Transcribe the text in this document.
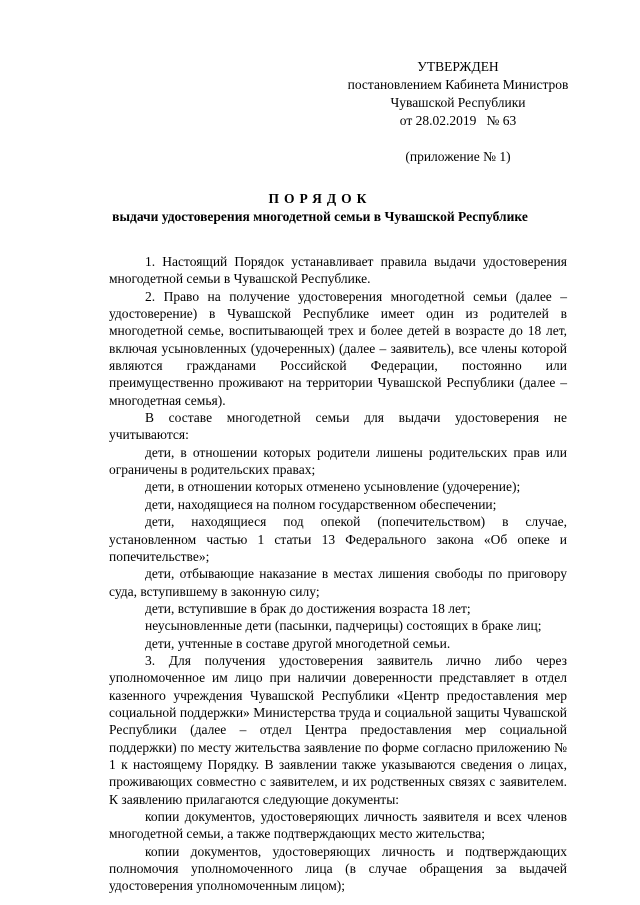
УТВЕРЖДЕН
постановлением Кабинета Министров
Чувашской Республики
от 28.02.2019   № 63
(приложение № 1)
ПОРЯДОК
выдачи удостоверения многодетной семьи в Чувашской Республике

1. Настоящий Порядок устанавливает правила выдачи удостоверения многодетной семьи в Чувашской Республике.

2. Право на получение удостоверения многодетной семьи (далее – удостоверение) в Чувашской Республике имеет один из родителей в многодетной семье, воспитывающей трех и более детей в возрасте до 18 лет, включая усыновленных (удочеренных) (далее – заявитель), все члены которой являются гражданами Российской Федерации, постоянно или преимущественно проживают на территории Чувашской Республики (далее – многодетная семья).

В составе многодетной семьи для выдачи удостоверения не учитываются:

дети, в отношении которых родители лишены родительских прав или ограничены в родительских правах;

дети, в отношении которых отменено усыновление (удочерение);

дети, находящиеся на полном государственном обеспечении;

дети, находящиеся под опекой (попечительством) в случае, установленном частью 1 статьи 13 Федерального закона «Об опеке и попечительстве»;

дети, отбывающие наказание в местах лишения свободы по приговору суда, вступившему в законную силу;

дети, вступившие в брак до достижения возраста 18 лет;

неусыновленные дети (пасынки, падчерицы) состоящих в браке лиц;

дети, учтенные в составе другой многодетной семьи.

3. Для получения удостоверения заявитель лично либо через уполномоченное им лицо при наличии доверенности представляет в отдел казенного учреждения Чувашской Республики «Центр предоставления мер социальной поддержки» Министерства труда и социальной защиты Чувашской Республики (далее – отдел Центра предоставления мер социальной поддержки) по месту жительства заявление по форме согласно приложению № 1 к настоящему Порядку. В заявлении также указываются сведения о лицах, проживающих совместно с заявителем, и их родственных связях с заявителем. К заявлению прилагаются следующие документы:

копии документов, удостоверяющих личность заявителя и всех членов многодетной семьи, а также подтверждающих место жительства;

копии документов, удостоверяющих личность и подтверждающих полномочия уполномоченного лица (в случае обращения за выдачей удостоверения уполномоченным лицом);
